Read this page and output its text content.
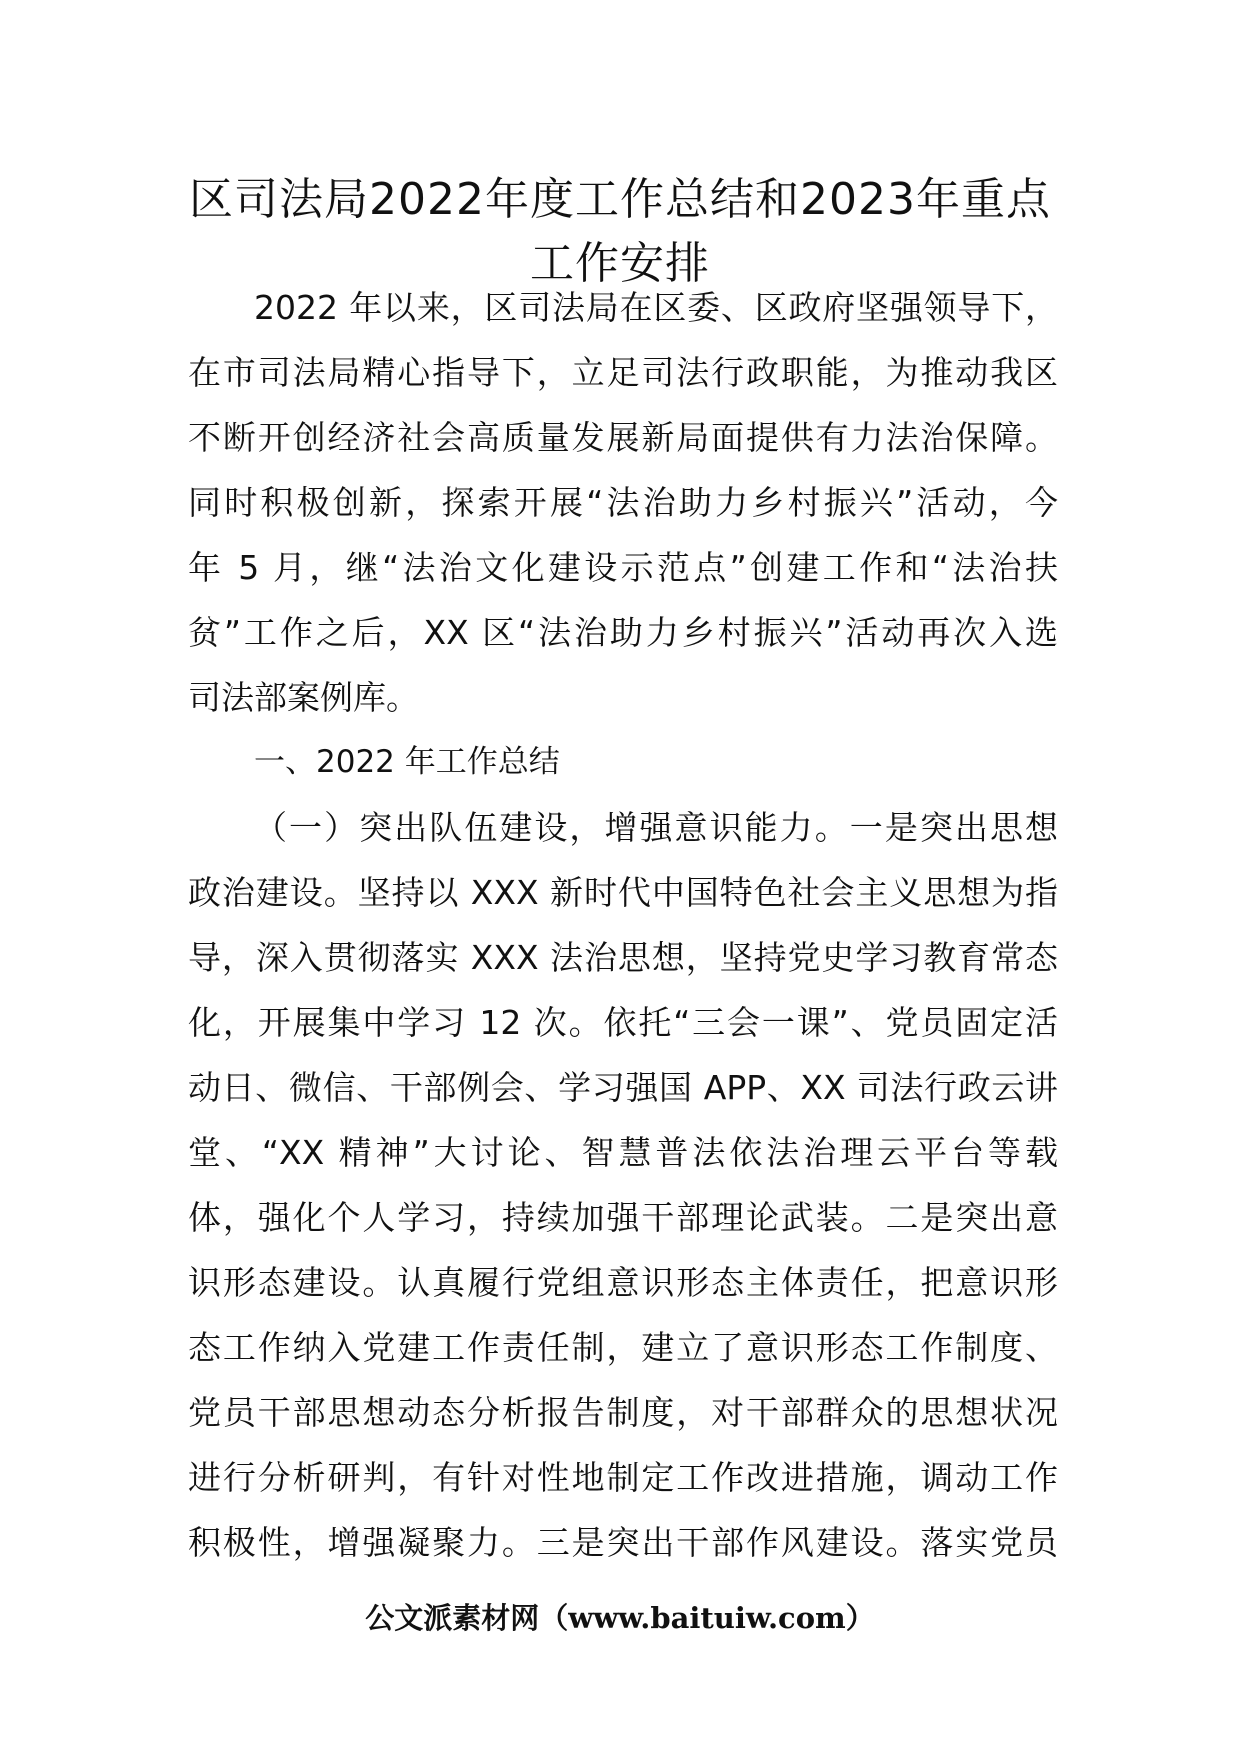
区司法局2022年度工作总结和2023年重点
工作安排
2022 年以来，区司法局在区委、区政府坚强领导下，
在市司法局精心指导下，立足司法行政职能，为推动我区
不断开创经济社会高质量发展新局面提供有力法治保障。
同时积极创新，探索开展“法治助力乡村振兴”活动，今
年 5 月，继“法治文化建设示范点”创建工作和“法治扶
贫”工作之后，XX 区“法治助力乡村振兴”活动再次入选
司法部案例库。
一、2022 年工作总结
（一）突出队伍建设，增强意识能力。一是突出思想
政治建设。坚持以 XXX 新时代中国特色社会主义思想为指
导，深入贯彻落实 XXX 法治思想，坚持党史学习教育常态
化，开展集中学习 12 次。依托“三会一课”、党员固定活
动日、微信、干部例会、学习强国 APP、XX 司法行政云讲
堂、“XX 精神”大讨论、智慧普法依法治理云平台等载
体，强化个人学习，持续加强干部理论武装。二是突出意
识形态建设。认真履行党组意识形态主体责任，把意识形
态工作纳入党建工作责任制，建立了意识形态工作制度、
党员干部思想动态分析报告制度，对干部群众的思想状况
进行分析研判，有针对性地制定工作改进措施，调动工作
积极性，增强凝聚力。三是突出干部作风建设。落实党员
公文派素材网（www.baituiw.com）
